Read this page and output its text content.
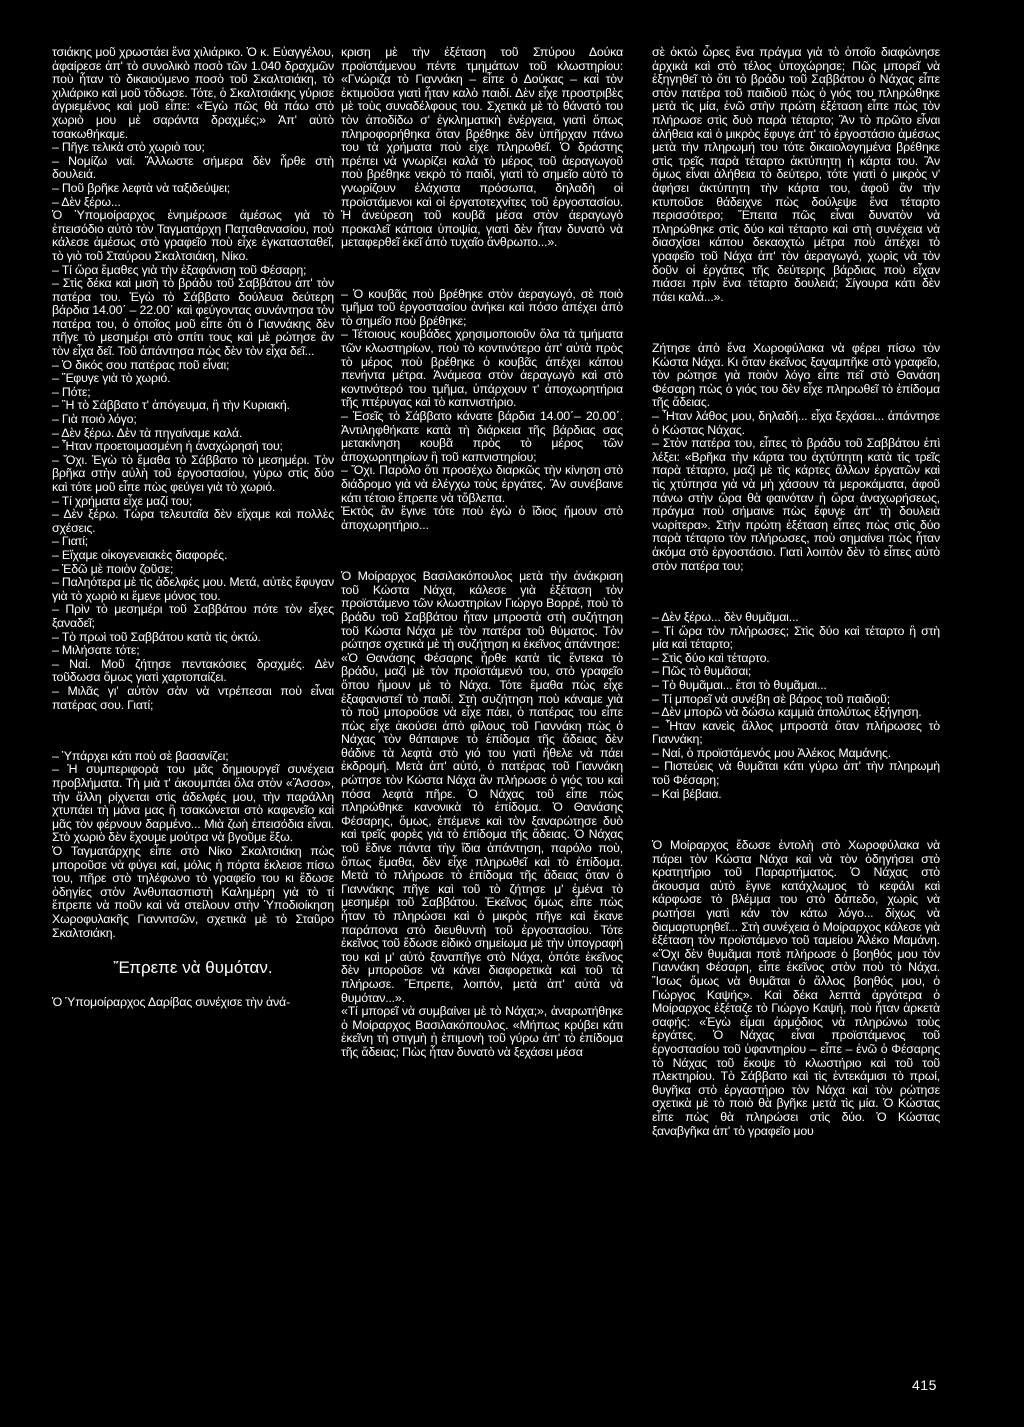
τσιάκης μοῦ χρωστάει ἕνα χιλιάρικο. Ὁ κ. Εὐαγγέλου, ἀφαίρεσε ἀπ' τὸ συνολικὸ ποσὸ τῶν 1.040 δραχμῶν ποὺ ἦταν τὸ δικαιούμενο ποσὸ τοῦ Σκαλτσιάκη, τὸ χιλιάρικο καὶ μοῦ τὄδωσε. Τότε, ὁ Σκαλτσιάκης γύρισε ἀγριεμένος καὶ μοῦ εἶπε: «Ἐγὼ πῶς θὰ πάω στὸ χωριὸ μου μὲ σαράντα δραχμές;» Ἀπ' αὐτὸ τσακωθήκαμε.

– Πῆγε τελικὰ στὸ χωριὸ του;

– Νομίζω ναί. Ἄλλωστε σήμερα δὲν ἦρθε στὴ δουλειά.

– Ποῦ βρῆκε λεφτὰ νὰ ταξιδεύψει;

– Δὲν ξέρω...

Ὁ Ὑπομοίραρχος ἐνημέρωσε ἀμέσως γιὰ τὸ ἐπεισόδιο αὐτὸ τὸν Ταγματάρχη Παπαθανασίου, ποὺ κάλεσε ἀμέσως στὸ γραφεῖο ποὺ εἶχε ἐγκατασταθεῖ, τὸ γιὸ τοῦ Σταύρου Σκαλτσιάκη, Νίκο.

– Τί ὥρα ἔμαθες γιὰ τὴν ἐξαφάνιση τοῦ Φέσαρη;

– Στὶς δέκα καὶ μισὴ τὸ βράδυ τοῦ Σαββάτου ἀπ' τὸν πατέρα του. Ἐγὼ τὸ Σάββατο δούλευα δεύτερη βάρδια 14.00΄ – 22.00΄ καὶ φεύγοντας συνάντησα τὸν πατέρα του, ὁ ὁποῖος μοῦ εἶπε ὅτι ὁ Γιαννάκης δὲν πῆγε τὸ μεσημέρι στὸ σπίτι τους καὶ μὲ ρώτησε ἂν τὸν εἶχα δεῖ. Τοῦ ἀπάντησα πὼς δὲν τὸν εἶχα δεῖ...

– Ὁ δικός σου πατέρας ποῦ εἶναι;

– Ἔφυγε γιὰ τὸ χωριό.

– Πότε;

– Ἢ τὸ Σάββατο τ' ἀπόγευμα, ἢ τὴν Κυριακή.

– Γιὰ ποιὸ λόγο;

– Δὲν ξέρω. Δὲν τὰ πηγαίναμε καλά.

– Ἦταν προετοιμασμένη ἡ ἀναχώρησή του;

– Ὄχι. Ἐγὼ τὸ ἔμαθα τὸ Σάββατο τὸ μεσημέρι. Τὸν βρῆκα στὴν αὐλὴ τοῦ ἐργοστασίου, γύρω στὶς δύο καὶ τότε μοῦ εἶπε πὼς φεύγει γιὰ τὸ χωριό.

– Τί χρήματα εἶχε μαζί του;

– Δὲν ξέρω. Τώρα τελευταῖα δὲν εἴχαμε καὶ πολλὲς σχέσεις.

– Γιατί;

– Εἴχαμε οἰκογενειακὲς διαφορές.

– Ἐδῶ μὲ ποιὸν ζοῦσε;

– Παληότερα μὲ τὶς ἀδελφές μου. Μετά, αὐτὲς ἔφυγαν γιὰ τὸ χωριὸ κι ἔμενε μόνος του.

– Πρὶν τὸ μεσημέρι τοῦ Σαββάτου πότε τὸν εἶχες ξαναδεῖ;

– Τὸ πρωὶ τοῦ Σαββάτου κατὰ τὶς ὀκτώ.

– Μιλήσατε τότε;

– Ναί. Μοῦ ζήτησε πεντακόσιες δραχμές. Δὲν τοῦδωσα ὅμως γιατὶ χαρτοπαίζει.

– Μιλᾶς γι' αὐτὸν σὰν νὰ ντρέπεσαι ποὺ εἶναι πατέρας σου. Γιατί;

– Ὑπάρχει κάτι ποὺ σὲ βασανίζει;

– Ἡ συμπεριφορὰ του μᾶς δημιουργεῖ συνέχεια προβλήματα. Τὴ μιὰ τ' ἀκουμπάει ὅλα στὸν «Ἄσσο», τὴν ἄλλη ρίχνεται στὶς ἀδελφές μου, τὴν παράλλη χτυπάει τὴ μάνα μας ἢ τσακώνεται στὸ καφενεῖο καὶ μᾶς τὸν φέρνουν δαρμένο... Μιὰ ζωὴ ἐπεισόδια εἶναι. Στὸ χωριὸ δὲν ἔχουμε μούτρα νὰ βγοῦμε ἔξω.

Ὁ Ταγματάρχης εἶπε στὸ Νίκο Σκαλτσιάκη πὼς μποροῦσε νὰ φύγει καί, μόλις ἡ πόρτα ἔκλεισε πίσω του, πῆρε στὸ τηλέφωνο τὸ γραφεῖο του κι ἔδωσε ὁδηγίες στὸν Ἀνθυπασπιστὴ Καλημέρη γιὰ τὸ τί ἔπρεπε νὰ ποῦν καὶ νὰ στείλουν στὴν Ὑποδιοίκηση Χωροφυλακῆς Γιαννιτσῶν, σχετικὰ μὲ τὸ Σταῦρο Σκαλτσιάκη.

Ἔπρεπε νὰ θυμόταν.

Ὁ Ὑπομοίραρχος Δαρίβας συνέχισε τὴν ἀνά-

κριση μὲ τὴν ἐξέταση τοῦ Σπύρου Δούκα προϊστάμενου πέντε τμημάτων τοῦ κλωστηρίου: «Γνώριζα τὸ Γιαννάκη – εἶπε ὁ Δούκας – καὶ τὸν ἐκτιμοῦσα γιατὶ ἦταν καλὸ παιδί. Δὲν εἶχε προστριβὲς μὲ τοὺς συναδέλφους του. Σχετικὰ μὲ τὸ θάνατό του τὸν ἀποδίδω σ' ἐγκληματικὴ ἐνέργεια, γιατὶ ὅπως πληροφορήθηκα ὅταν βρέθηκε δὲν ὑπῆρχαν πάνω του τὰ χρήματα ποὺ εἶχε πληρωθεῖ. Ὁ δράστης πρέπει νὰ γνωρίζει καλὰ τὸ μέρος τοῦ ἀεραγωγοῦ ποὺ βρέθηκε νεκρὸ τὸ παιδί, γιατὶ τὸ σημεῖο αὐτὸ τὸ γνωρίζουν ἐλάχιστα πρόσωπα, δηλαδὴ οἱ προϊστάμενοι καὶ οἱ ἐργατοτεχνίτες τοῦ ἐργοστασίου. Ἡ ἀνεύρεση τοῦ κουβᾶ μέσα στὸν ἀεραγωγὸ προκαλεῖ κάποια ὑποψία, γιατὶ δὲν ἦταν δυνατὸ νὰ μεταφερθεῖ ἐκεῖ ἀπὸ τυχαῖο ἄνθρωπο...».

– Ὁ κουβᾶς ποὺ βρέθηκε στὸν ἀεραγωγό, σὲ ποιὸ τμῆμα τοῦ ἐργοστασίου ἀνήκει καὶ πόσο ἀπέχει ἀπὸ τὸ σημεῖο ποὺ βρέθηκε;

– Τέτοιους κουβάδες χρησιμοποιοῦν ὅλα τὰ τμήματα τῶν κλωστηρίων, ποὺ τὸ κοντινότερο ἀπ' αὐτὰ πρὸς τὸ μέρος ποὺ βρέθηκε ὁ κουβᾶς ἀπέχει κάπου πενήντα μέτρα. Ἀνάμεσα στὸν ἀεραγωγὸ καὶ στὸ κοντινότερό του τμῆμα, ὑπάρχουν τ' ἀποχωρητήρια τῆς πτέρυγας καὶ τὸ καπνιστήριο.

– Ἐσεῖς τὸ Σάββατο κάνατε βάρδια 14.00΄– 20.00΄. Ἀντιληφθήκατε κατὰ τὴ διάρκεια τῆς βάρδιας σας μετακίνηση κουβᾶ πρὸς τὸ μέρος τῶν ἀποχωρητηρίων ἢ τοῦ καπνιστηρίου;

– Ὄχι. Παρόλο ὅτι προσέχω διαρκῶς τὴν κίνηση στὸ διάδρομο γιὰ νὰ ἐλέγχω τοὺς ἐργάτες. Ἂν συνέβαινε κάτι τέτοιο ἔπρεπε νὰ τὄβλεπα.

Ἐκτὸς ἂν ἔγινε τότε ποὺ ἐγὼ ὁ ἴδιος ἤμουν στὸ ἀποχωρητήριο...

Ὁ Μοίραρχος Βασιλακόπουλος μετὰ τὴν ἀνάκριση τοῦ Κώστα Νάχα, κάλεσε γιὰ ἐξέταση τὸν προϊστάμενο τῶν κλωστηρίων Γιώργο Βορρέ, ποὺ τὸ βράδυ τοῦ Σαββάτου ἦταν μπροστὰ στὴ συζήτηση τοῦ Κώστα Νάχα μὲ τὸν πατέρα τοῦ θύματος. Τὸν ρώτησε σχετικὰ μὲ τὴ συζήτηση κι ἐκεῖνος ἀπάντησε:

«Ὁ Θανάσης Φέσαρης ἦρθε κατὰ τὶς ἔντεκα τὸ βράδυ, μαζὶ μὲ τὸν προϊστάμενό του, στὸ γραφεῖο ὅπου ἤμουν μὲ τὸ Νάχα. Τότε ἔμαθα πὼς εἶχε ἐξαφανιστεῖ τὸ παιδί. Στὴ συζήτηση ποὺ κάναμε γιὰ τὸ ποῦ μποροῦσε νὰ εἶχε πάει, ὁ πατέρας του εἶπε πὼς εἶχε ἀκούσει ἀπὸ φίλους τοῦ Γιαννάκη πὼς ὁ Νάχας τὸν θάπαιρνε τὸ ἐπίδομα τῆς ἄδειας δὲν θάδινε τὰ λεφτὰ στὸ γιό του γιατὶ ἤθελε νὰ πάει ἐκδρομή. Μετὰ ἀπ' αὐτό, ὁ πατέρας τοῦ Γιαννάκη ρώτησε τὸν Κώστα Νάχα ἂν πλήρωσε ὁ γιός του καὶ πόσα λεφτὰ πῆρε. Ὁ Νάχας τοῦ εἶπε πὼς πληρώθηκε κανονικὰ τὸ ἐπίδομα. Ὁ Θανάσης Φέσαρης, ὅμως, ἐπέμενε καὶ τὸν ξαναρώτησε δυὸ καὶ τρεῖς φορὲς γιὰ τὸ ἐπίδομα τῆς ἄδειας. Ὁ Νάχας τοῦ ἔδινε πάντα τὴν ἴδια ἀπάντηση, παρόλο ποὺ, ὅπως ἔμαθα, δὲν εἶχε πληρωθεῖ καὶ τὸ ἐπίδομα. Μετὰ τὸ πλήρωσε τὸ ἐπίδομα τῆς ἄδειας ὅταν ὁ Γιαννάκης πῆγε καὶ τοῦ τὸ ζήτησε μ' ἐμένα τὸ μεσημέρι τοῦ Σαββάτου. Ἐκεῖνος ὅμως εἶπε πὼς ἦταν τὸ πληρώσει καὶ ὁ μικρὸς πῆγε καὶ ἔκανε παράπονα στὸ διευθυντὴ τοῦ ἐργοστασίου. Τότε ἐκεῖνος τοῦ ἔδωσε εἰδικὸ σημείωμα μὲ τὴν ὑπογραφή του καὶ μ' αὐτὸ ξαναπῆγε στὸ Νάχα, ὁπότε ἐκεῖνος δὲν μποροῦσε νὰ κάνει διαφορετικὰ καὶ τοῦ τὰ πλήρωσε. Ἔπρεπε, λοιπόν, μετὰ ἀπ' αὐτὰ νὰ θυμόταν...».

«Τί μπορεῖ νὰ συμβαίνει μὲ τὸ Νάχα;», ἀναρωτήθηκε ὁ Μοίραρχος Βασιλακόπουλος. «Μήπως κρύβει κάτι ἐκεῖνη τὴ στιγμὴ ἡ ἐπιμονὴ τοῦ γύρω ἀπ' τὸ ἐπίδομα τῆς ἄδειας; Πὼς ἦταν δυνατὸ νὰ ξεχάσει μέσα

σὲ ὀκτὼ ὧρες ἕνα πράγμα γιὰ τὸ ὁποῖο διαφώνησε ἀρχικὰ καὶ στὸ τέλος ὑποχώρησε; Πῶς μπορεῖ νὰ ἐξηγηθεῖ τὸ ὅτι τὸ βράδυ τοῦ Σαββάτου ὁ Νάχας εἶπε στὸν πατέρα τοῦ παιδιοῦ πὼς ὁ γιός του πληρώθηκε μετὰ τὶς μία, ἐνῶ στὴν πρώτη ἐξέταση εἶπε πὼς τὸν πλήρωσε στὶς δυὸ παρὰ τέταρτο; Ἂν τὸ πρῶτο εἶναι ἀλήθεια καὶ ὁ μικρὸς ἔφυγε ἀπ' τὸ ἐργοστάσιο ἀμέσως μετὰ τὴν πληρωμή του τότε δικαιολογημένα βρέθηκε στὶς τρεῖς παρὰ τέταρτο ἀκτύπητη ἡ κάρτα του. Ἂν ὅμως εἶναι ἀλήθεια τὸ δεύτερο, τότε γιατὶ ὁ μικρὸς ν' ἀφήσει ἀκτύπητη τὴν κάρτα του, ἀφοῦ ἂν τὴν κτυποῦσε θάδειχνε πὼς δούλεψε ἕνα τέταρτο περισσότερο; Ἔπειτα πῶς εἶναι δυνατὸν νὰ πληρώθηκε στὶς δύο καὶ τέταρτο καὶ στὴ συνέχεια νὰ διασχίσει κάπου δεκαοχτὼ μέτρα ποὺ ἀπέχει τὸ γραφεῖο τοῦ Νάχα ἀπ' τὸν ἀεραγωγό, χωρὶς νὰ τὸν δοῦν οἱ ἐργάτες τῆς δεύτερης βάρδιας ποὺ εἶχαν πιάσει πρὶν ἕνα τέταρτο δουλειά; Σίγουρα κάτι δὲν πάει καλά...».

Ζήτησε ἀπὸ ἕνα Χωροφύλακα νὰ φέρει πίσω τὸν Κώστα Νάχα. Κι ὅταν ἐκεῖνος ξαναμπῆκε στὸ γραφεῖο, τὸν ρώτησε γιὰ ποιὸν λόγο εἶπε πεῖ στὸ Θανάση Φέσαρη πὼς ὁ γιός του δὲν εἶχε πληρωθεῖ τὸ ἐπίδομα τῆς ἄδειας.

– Ἦταν λάθος μου, δηλαδή... εἶχα ξεχάσει... ἀπάντησε ὁ Κώστας Νάχας.

– Στὸν πατέρα του, εἶπες τὸ βράδυ τοῦ Σαββάτου ἐπὶ λέξει: «Βρῆκα τὴν κάρτα του ἀχτύπητη κατὰ τὶς τρεῖς παρὰ τέταρτο, μαζὶ μὲ τὶς κάρτες ἄλλων ἐργατῶν καὶ τὶς χτύπησα γιὰ νὰ μὴ χάσουν τὰ μεροκάματα, ἀφοῦ πάνω στὴν ὥρα θὰ φαινόταν ἡ ὥρα ἀναχωρήσεως, πράγμα ποὺ σήμαινε πὼς ἔφυγε ἀπ' τὴ δουλειὰ νωρίτερα». Στὴν πρώτη ἐξέταση εἶπες πὼς στὶς δύο παρὰ τέταρτο τὸν πλήρωσες, ποὺ σημαίνει πὼς ἦταν ἀκόμα στὸ ἐργοστάσιο. Γιατὶ λοιπὸν δὲν τὸ εἶπες αὐτὸ στὸν πατέρα του;

– Δὲν ξέρω... δὲν θυμᾶμαι...

– Τί ὥρα τὸν πλήρωσες; Στὶς δύο καὶ τέταρτο ἢ στὴ μία καὶ τέταρτο;

– Στὶς δύο καὶ τέταρτο.

– Πῶς τὸ θυμᾶσαι;

– Τὸ θυμᾶμαι... ἔτσι τὸ θυμᾶμαι...

– Τί μπορεῖ νὰ συνέβη σὲ βάρος τοῦ παιδιοῦ;

– Δὲν μπορῶ νὰ δώσω καμμιὰ ἀπολύτως ἐξήγηση.

– Ἦταν κανεὶς ἄλλος μπροστὰ ὅταν πλήρωσες τὸ Γιαννάκη;

– Ναί, ὁ προϊστάμενός μου Ἀλέκος Μαμάνης.

– Πιστεύεις νὰ θυμᾶται κάτι γύρω ἀπ' τὴν πληρωμὴ τοῦ Φέσαρη;

– Καὶ βέβαια.

Ὁ Μοίραρχος ἔδωσε ἐντολὴ στὸ Χωροφύλακα νὰ πάρει τὸν Κώστα Νάχα καὶ νὰ τὸν ὁδηγήσει στὸ κρατητήριο τοῦ Παραρτήματος. Ὁ Νάχας στὸ ἄκουσμα αὐτὸ ἔγινε κατάχλωμος τὸ κεφάλι καὶ κάρφωσε τὸ βλέμμα του στὸ δάπεδο, χωρὶς νὰ ρωτήσει γιατὶ κάν τὸν κάτω λόγο... δίχως νὰ διαμαρτυρηθεῖ... Στὴ συνέχεια ὁ Μοίραρχος κάλεσε γιὰ ἐξέταση τὸν προϊστάμενο τοῦ ταμείου Ἀλέκο Μαμάνη. «Ὄχι δὲν θυμᾶμαι ποτὲ πλήρωσε ὁ βοηθός μου τὸν Γιαννάκη Φέσαρη, εἶπε ἐκεῖνος στὸν ποὺ τὸ Νάχα. Ἴσως ὅμως νὰ θυμᾶται ὁ ἄλλος βοηθός μου, ὁ Γιώργος Καψής». Καὶ δέκα λεπτὰ ἀργότερα ὁ Μοίραρχος ἐξέταζε τὸ Γιώργο Καψή, ποὺ ἦταν ἀρκετὰ σαφής: «Ἐγὼ εἶμαι ἀρμόδιος νὰ πληρώνω τοὺς ἐργάτες. Ὁ Νάχας εἶναι προϊστάμενος τοῦ ἐργοστασίου τοῦ ὑφαντηρίου – εἶπε – ἐνῶ ὁ Φέσαρης τὸ Νάχας τοῦ ἔκοψε τὸ κλωστήριο καὶ τοῦ τοῦ πλεκτηρίου. Τὸ Σάββατο καὶ τὶς ἐντεκάμισι τὸ πρωί, θυγῆκα στὸ ἐργαστήριο τὸν Νάχα καὶ τὸν ρώτησε σχετικὰ μὲ τὸ ποιὸ θὰ βγῆκε μετὰ τὶς μία. Ὁ Κώστας εἶπε πὼς θὰ πληρώσει στὶς δύο. Ὁ Κώστας ξαναβγῆκα ἀπ' τὸ γραφεῖο μου

415
